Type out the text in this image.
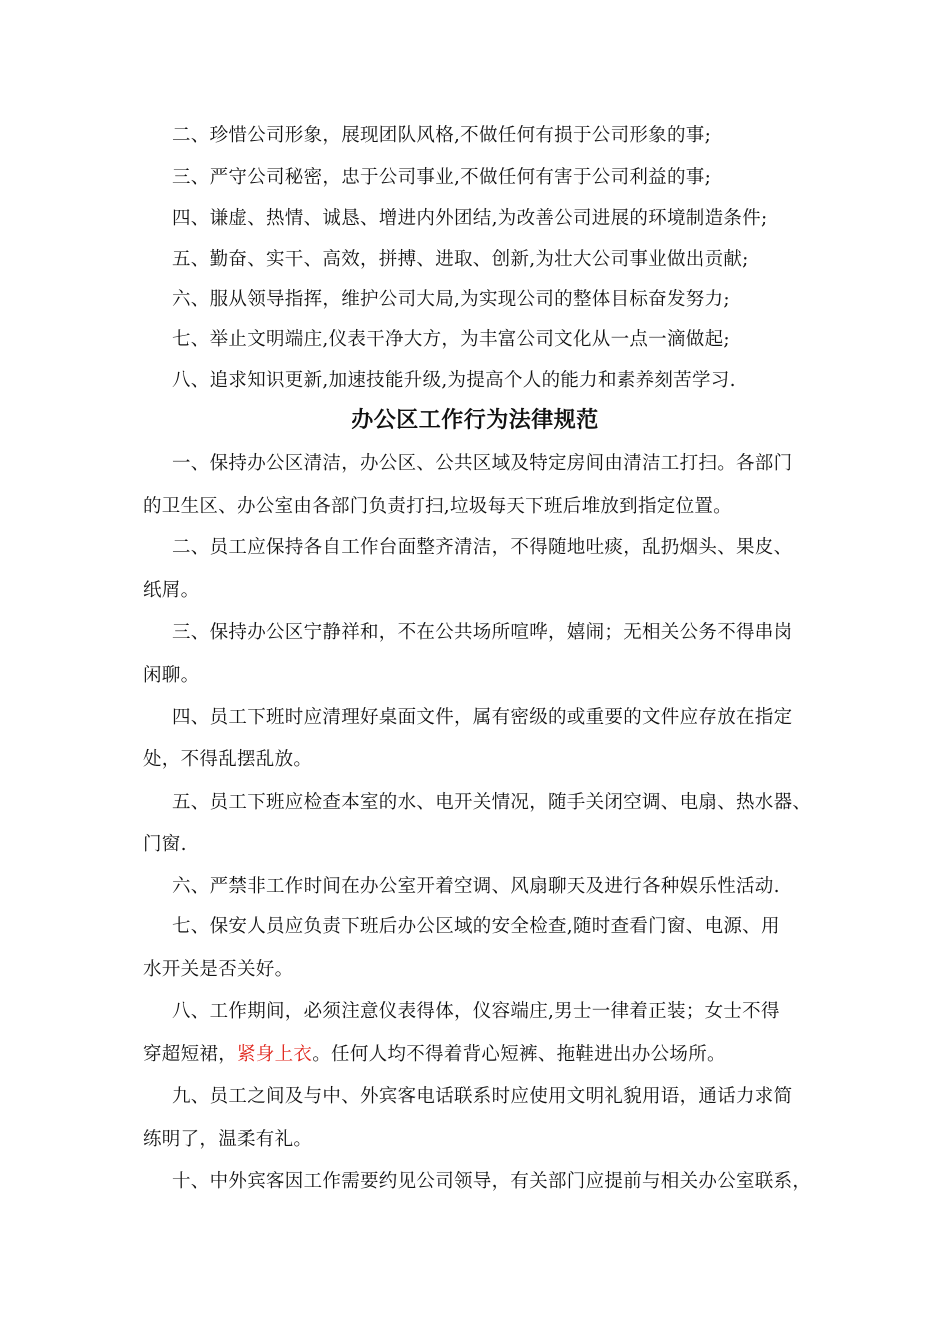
二、珍惜公司形象，展现团队风格,不做任何有损于公司形象的事;
三、严守公司秘密，忠于公司事业,不做任何有害于公司利益的事;
四、谦虚、热情、诚恳、增进内外团结,为改善公司进展的环境制造条件;
五、勤奋、实干、高效，拼搏、进取、创新,为壮大公司事业做出贡献;
六、服从领导指挥，维护公司大局,为实现公司的整体目标奋发努力;
七、举止文明端庄,仪表干净大方，为丰富公司文化从一点一滴做起;
八、追求知识更新,加速技能升级,为提高个人的能力和素养刻苦学习.
办公区工作行为法律规范
一、保持办公区清洁，办公区、公共区域及特定房间由清洁工打扫。各部门
的卫生区、办公室由各部门负责打扫,垃圾每天下班后堆放到指定位置。
二、员工应保持各自工作台面整齐清洁，不得随地吐痰，乱扔烟头、果皮、
纸屑。
三、保持办公区宁静祥和，不在公共场所喧哗，嬉闹；无相关公务不得串岗
闲聊。
四、员工下班时应清理好桌面文件，属有密级的或重要的文件应存放在指定
处，不得乱摆乱放。
五、员工下班应检查本室的水、电开关情况，随手关闭空调、电扇、热水器、
门窗.
六、严禁非工作时间在办公室开着空调、风扇聊天及进行各种娱乐性活动.
七、保安人员应负责下班后办公区域的安全检查,随时查看门窗、电源、用
水开关是否关好。
八、工作期间，必须注意仪表得体，仪容端庄,男士一律着正装；女士不得
穿超短裙，紧身上衣。任何人均不得着背心短裤、拖鞋进出办公场所。
九、员工之间及与中、外宾客电话联系时应使用文明礼貌用语，通话力求简
练明了，温柔有礼。
十、中外宾客因工作需要约见公司领导，有关部门应提前与相关办公室联系，
